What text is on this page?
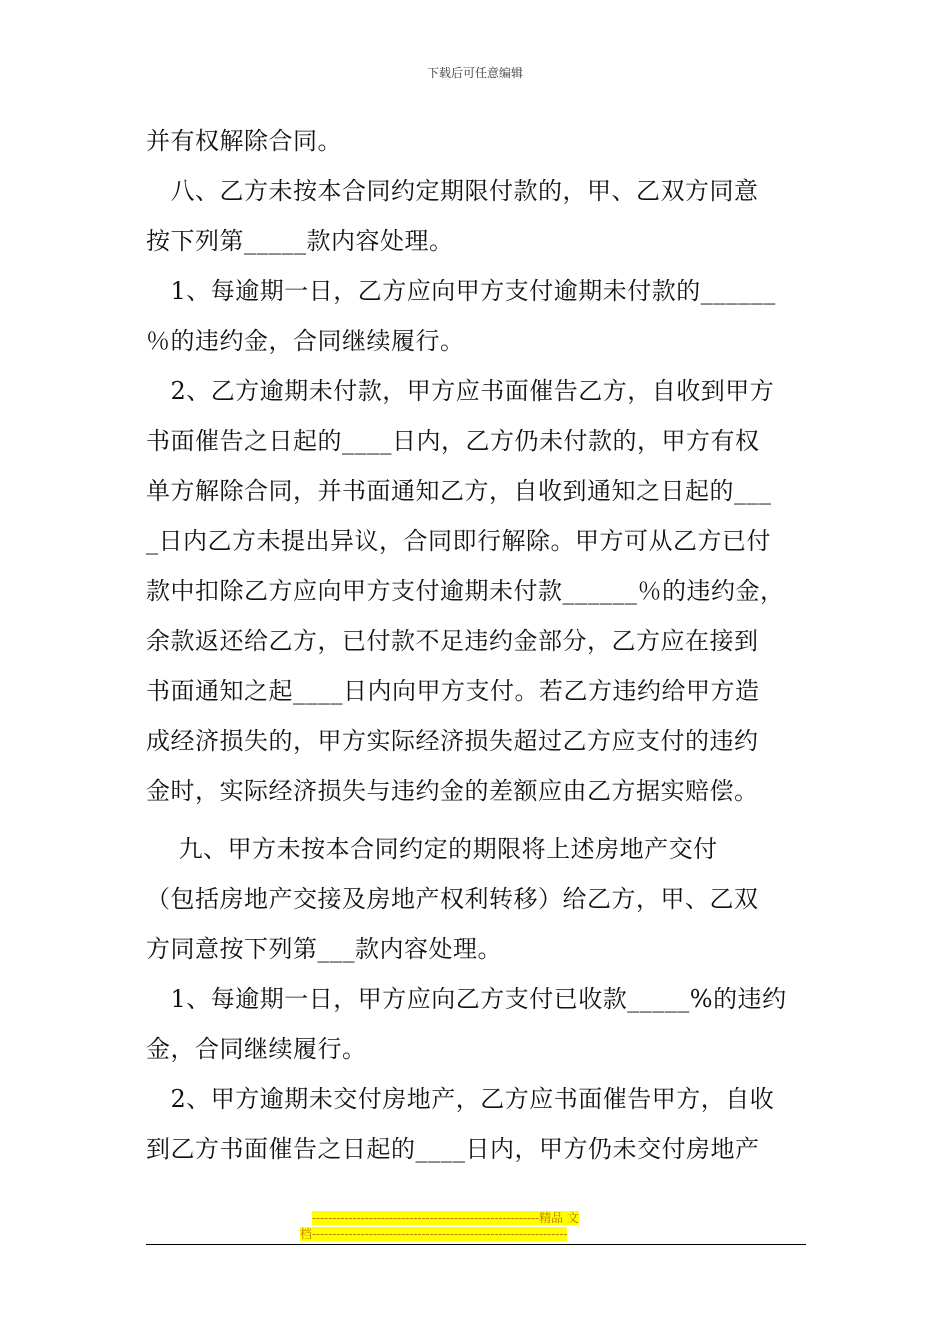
下载后可任意编辑

并有权解除合同。

　八、乙方未按本合同约定期限付款的，甲、乙双方同意

按下列第_____款内容处理。

　1、每逾期一日，乙方应向甲方支付逾期未付款的______

％的违约金，合同继续履行。

　2、乙方逾期未付款，甲方应书面催告乙方，自收到甲方

书面催告之日起的____日内，乙方仍未付款的，甲方有权

单方解除合同，并书面通知乙方，自收到通知之日起的___

_日内乙方未提出异议，合同即行解除。甲方可从乙方已付

款中扣除乙方应向甲方支付逾期未付款______％的违约金，

余款返还给乙方，已付款不足违约金部分，乙方应在接到

书面通知之起____日内向甲方支付。若乙方违约给甲方造

成经济损失的，甲方实际经济损失超过乙方应支付的违约

金时，实际经济损失与违约金的差额应由乙方据实赔偿。

　 九、甲方未按本合同约定的期限将上述房地产交付

（包括房地产交接及房地产权利转移）给乙方，甲、乙双

方同意按下列第___款内容处理。

　1、每逾期一日，甲方应向乙方支付已收款_____%的违约

金，合同继续履行。

　2、甲方逾期未交付房地产，乙方应书面催告甲方，自收

到乙方书面催告之日起的____日内，甲方仍未交付房地产

--------------------------------------------------------精品 文
档---------------------------------------------------------------
